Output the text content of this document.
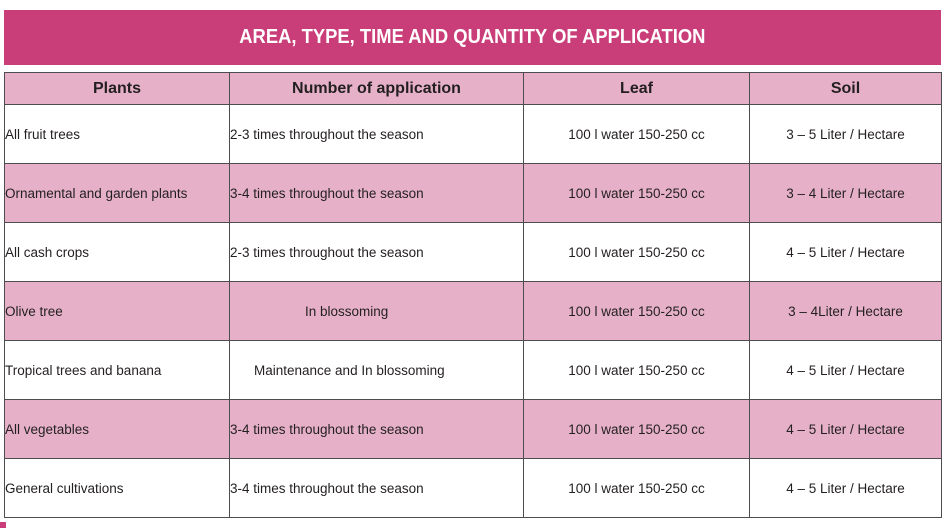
AREA, TYPE, TIME AND QUANTITY OF APPLICATION
Plants	Number of application	Leaf	Soil
All fruit trees	2-3 times throughout the season	100 l water 150-250 cc	3 – 5 Liter / Hectare
Ornamental and garden plants	3-4 times throughout the season	100 l water 150-250 cc	3 – 4 Liter / Hectare
All cash crops	2-3 times throughout the season	100 l water 150-250 cc	4 – 5 Liter / Hectare
Olive tree	In blossoming	100 l water 150-250 cc	3 – 4Liter / Hectare
Tropical trees and banana	Maintenance and In blossoming	100 l water 150-250 cc	4 – 5 Liter / Hectare
All vegetables	3-4 times throughout the season	100 l water 150-250 cc	4 – 5 Liter / Hectare
General cultivations	3-4 times throughout the season	100 l water 150-250 cc	4 – 5 Liter / Hectare
